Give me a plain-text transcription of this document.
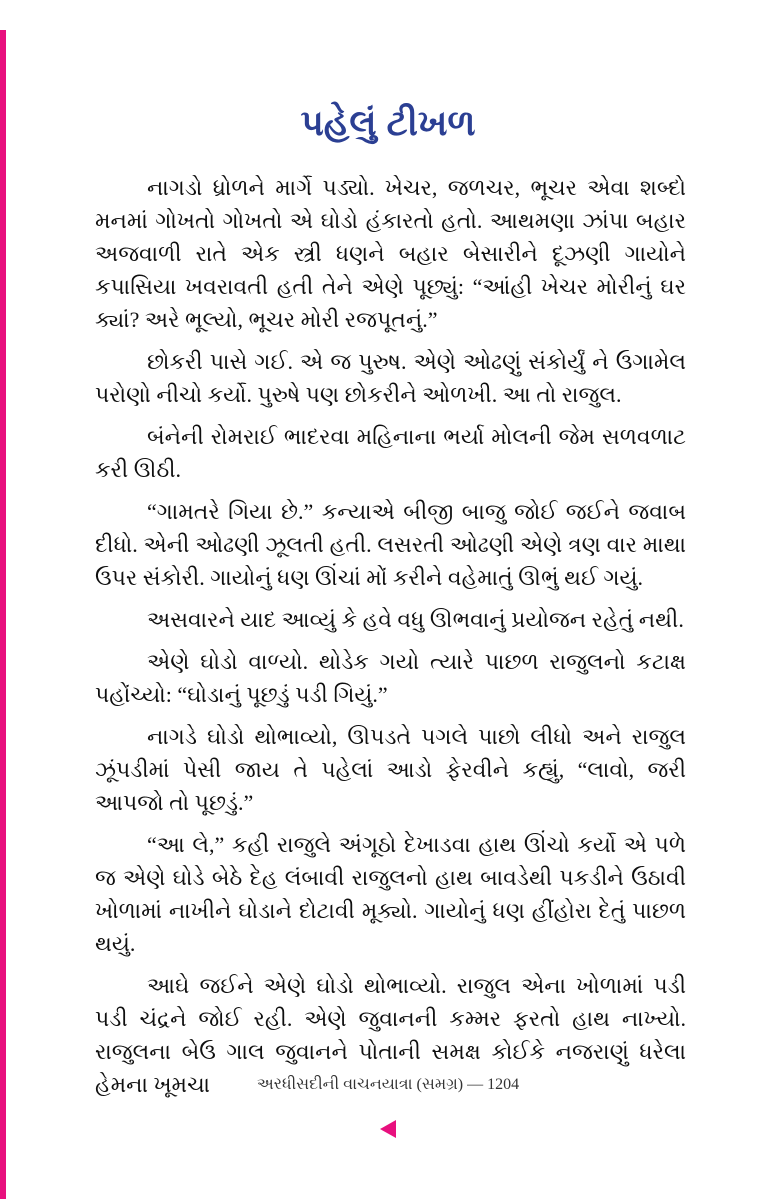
પહેલું ટીખળ

નાગડો ધ્રોળને માર્ગે પડ્યો. ખેચર, જળચર, ભૂચર એવા શબ્દો મનમાં ગોખતો ગોખતો એ ઘોડો હંકારતો હતો. આથમણા ઝાંપા બહાર અજવાળી રાતે એક સ્ત્રી ધણને બહાર બેસારીને દૂઝણી ગાયોને કપાસિયા ખવરાવતી હતી તેને એણે પૂછ્યું: “આંહી ખેચર મોરીનું ઘર ક્યાં? અરે ભૂલ્યો, ભૂચર મોરી રજપૂતનું.”

છોકરી પાસે ગઈ. એ જ પુરુષ. એણે ઓઢણું સંકોર્યું ને ઉગામેલ પરોણો નીચો કર્યો. પુરુષે પણ છોકરીને ઓળખી. આ તો રાજુલ.

બંનેની રોમરાઈ ભાદરવા મહિનાના ભર્યા મોલની જેમ સળવળાટ કરી ઊઠી.

“ગામતરે ગિયા છે.” કન્યાએ બીજી બાજુ જોઈ જઈને જવાબ દીધો. એની ઓઢણી ઝૂલતી હતી. લસરતી ઓઢણી એણે ત્રણ વાર માથા ઉપર સંકોરી. ગાયોનું ધણ ઊંચાં મોં કરીને વહેમાતું ઊભું થઈ ગયું.

અસવારને યાદ આવ્યું કે હવે વધુ ઊભવાનું પ્રયોજન રહેતું નથી.

એણે ઘોડો વાળ્યો. થોડેક ગયો ત્યારે પાછળ રાજુલનો કટાક્ષ પહોંચ્યો: “ઘોડાનું પૂછડું પડી ગિયું.”

નાગડે ઘોડો થોભાવ્યો, ઊપડતે પગલે પાછો લીધો અને રાજુલ ઝૂંપડીમાં પેસી જાય તે પહેલાં આડો ફેરવીને કહ્યું, “લાવો, જરી આપજો તો પૂછડું.”

“આ લે,” કહી રાજુલે અંગૂઠો દેખાડવા હાથ ઊંચો કર્યો એ પળે જ એણે ઘોડે બેઠે દેહ લંબાવી રાજુલનો હાથ બાવડેથી પકડીને ઉઠાવી ખોળામાં નાખીને ઘોડાને દોટાવી મૂક્યો. ગાયોનું ધણ હીંહોરા દેતું પાછળ થયું.

આઘે જઈને એણે ઘોડો થોભાવ્યો. રાજુલ એના ખોળામાં પડી પડી ચંદ્રને જોઈ રહી. એણે જુવાનની કમ્મર ફરતો હાથ નાખ્યો. રાજુલના બેઉ ગાલ જુવાનને પોતાની સમક્ષ કોઈકે નજરાણું ધરેલા હેમના ખૂમચા	અરધીસદીની વાચનયાત્રા (સમગ્ર) — 1204
